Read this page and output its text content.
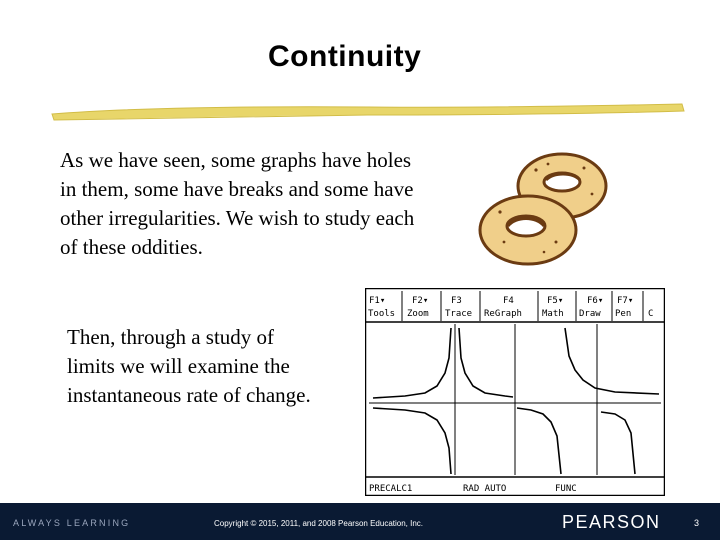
Continuity
As we have seen, some graphs have holes in them, some have breaks and some have other irregularities. We wish to study each of these oddities.
Then, through a study of limits we will examine the instantaneous rate of change.
F1▾
Tools
F2▾
Zoom
F3
Trace
F4
ReGraph
F5▾
Math
F6▾
Draw
F7▾
Pen C
PRECALC1	RAD AUTO	FUNC
ALWAYS LEARNING	Copyright © 2015, 2011, and 2008 Pearson Education, Inc.	PEARSON	3
